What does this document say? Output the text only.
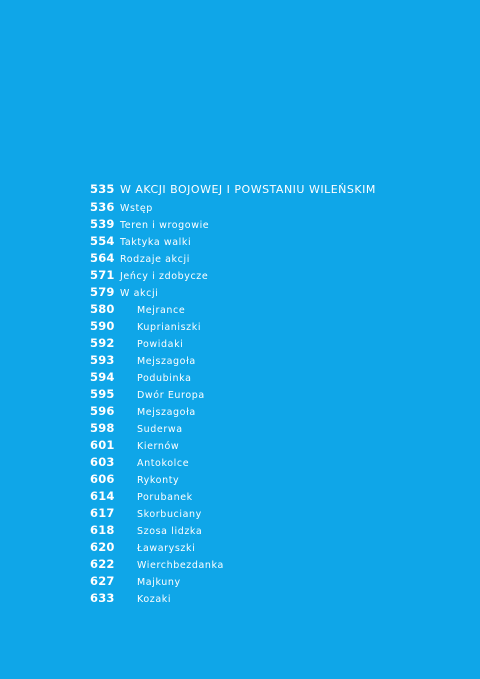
535 W AKCJI BOJOWEJ I POWSTANIU WILEŃSKIM
536 Wstęp
539 Teren i wrogowie
554 Taktyka walki
564 Rodzaje akcji
571 Jeńcy i zdobycze
579 W akcji
580	Mejrance
590	Kuprianiszki
592	Powidaki
593	Mejszagoła
594	Podubinka
595	Dwór Europa
596	Mejszagoła
598	Suderwa
601	Kiernów
603	Antokolce
606	Rykonty
614	Porubanek
617	Skorbuciany
618	Szosa lidzka
620	Ławaryszki
622	Wierchbezdanka
627	Majkuny
633	Kozaki
